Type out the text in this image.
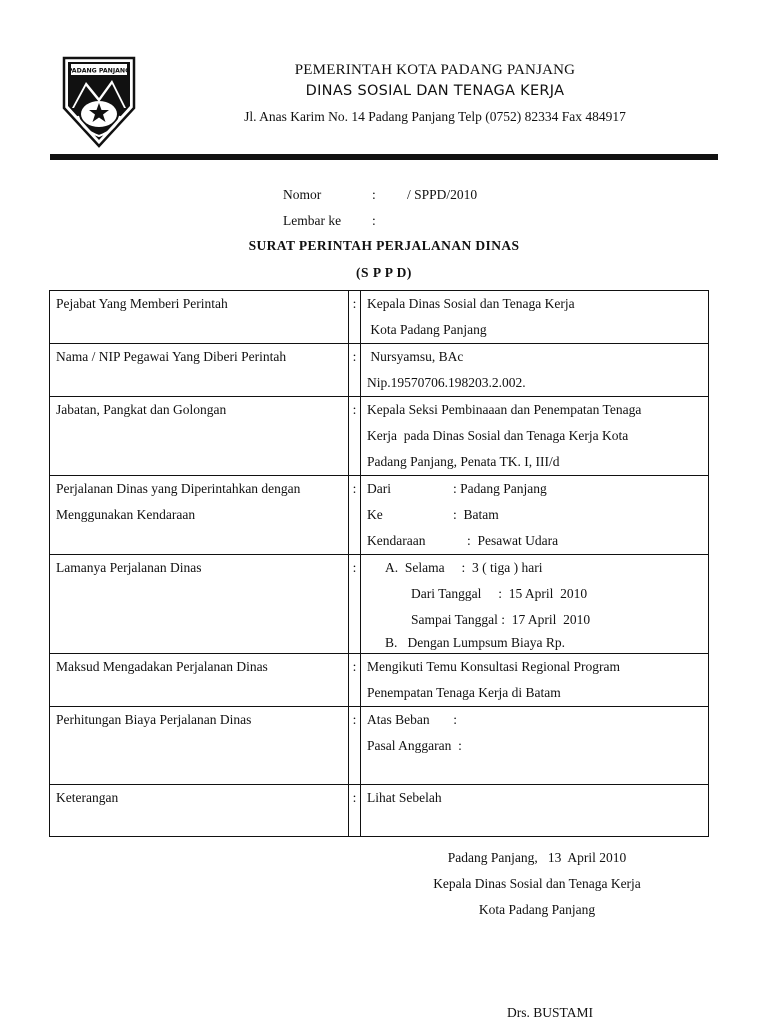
PADANG PANJANG	PEMERINTAH KOTA PADANG PANJANG
DINAS SOSIAL DAN TENAGA KERJA
Jl. Anas Karim No. 14 Padang Panjang Telp (0752) 82334 Fax 484917
Nomor	: / SPPD/2010
Lembar ke :
SURAT PERINTAH PERJALANAN DINAS
(S P P D)
Pejabat Yang Memberi Perintah	:	Kepala Dinas Sosial dan Tenaga Kerja
Kota Padang Panjang

Nama / NIP Pegawai Yang Diberi Perintah	:	Nursyamsu, BAc
Nip.19570706.198203.2.002.

Jabatan, Pangkat dan Golongan	:	Kepala Seksi Pembinaaan dan Penempatan Tenaga
Kerja  pada Dinas Sosial dan Tenaga Kerja Kota
Padang Panjang, Penata TK. I, III/d

Perjalanan Dinas yang Diperintahkan dengan
Menggunakan Kendaraan	:	Dari : Padang Panjang
Ke :  Batam
Kendaraan :  Pesawat Udara

Lamanya Perjalanan Dinas	:	A.  Selama     :  3 ( tiga ) hari
Dari Tanggal     :  15 April  2010
Sampai Tanggal :  17 April  2010
B.   Dengan Lumpsum Biaya Rp.

Maksud Mengadakan Perjalanan Dinas	:	Mengikuti Temu Konsultasi Regional Program
Penempatan Tenaga Kerja di Batam

Perhitungan Biaya Perjalanan Dinas	:	Atas Beban       :
Pasal Anggaran  :

Keterangan	:	Lihat Sebelah
Padang Panjang,   13  April 2010
Kepala Dinas Sosial dan Tenaga Kerja
Kota Padang Panjang
Drs. BUSTAMI
